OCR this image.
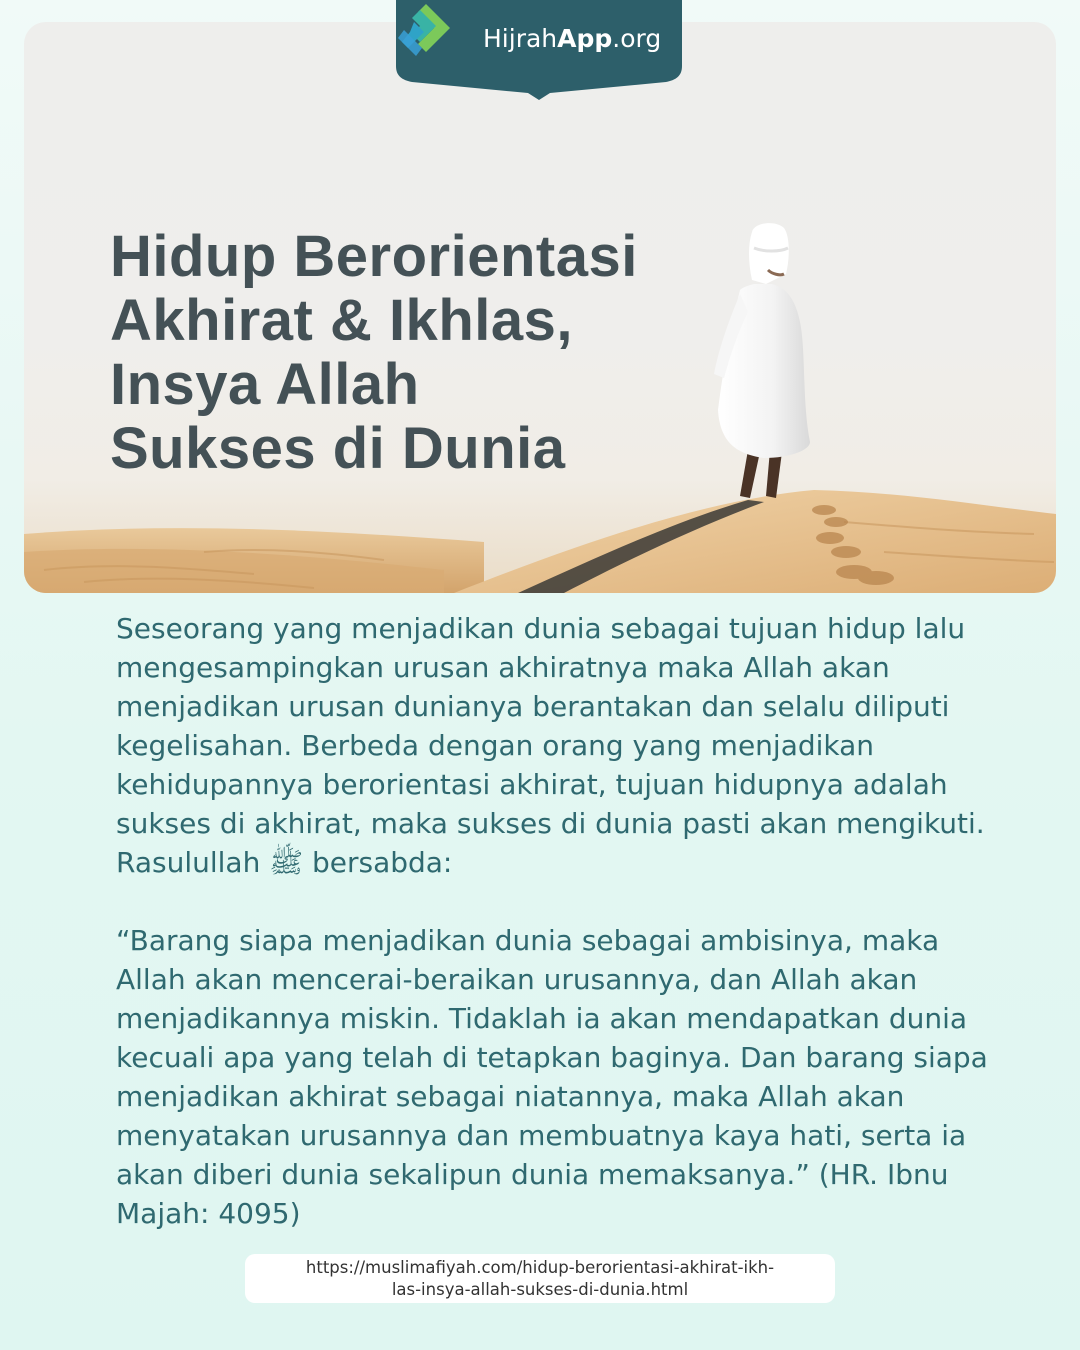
Hidup Berorientasi
Akhirat & Ikhlas,
Insya Allah
Sukses di Dunia
HijrahApp.org

Seseorang yang menjadikan dunia sebagai tujuan hidup lalu mengesampingkan urusan akhiratnya maka Allah akan menjadikan urusan dunianya berantakan dan selalu diliputi kegelisahan. Berbeda dengan orang yang menjadikan kehidupannya berorientasi akhirat, tujuan hidupnya adalah sukses di akhirat, maka sukses di dunia pasti akan mengikuti. Rasulullah ﷺ bersabda:

“Barang siapa menjadikan dunia sebagai ambisinya, maka Allah akan mencerai-beraikan urusannya, dan Allah akan menjadikannya miskin. Tidaklah ia akan mendapatkan dunia kecuali apa yang telah di tetapkan baginya. Dan barang siapa menjadikan akhirat sebagai niatannya, maka Allah akan menyatakan urusannya dan membuatnya kaya hati, serta ia akan diberi dunia sekalipun dunia memaksanya.” (HR. Ibnu Majah: 4095)

https://muslimafiyah.com/hidup-berorientasi-akhirat-ikh-
las-insya-allah-sukses-di-dunia.html
